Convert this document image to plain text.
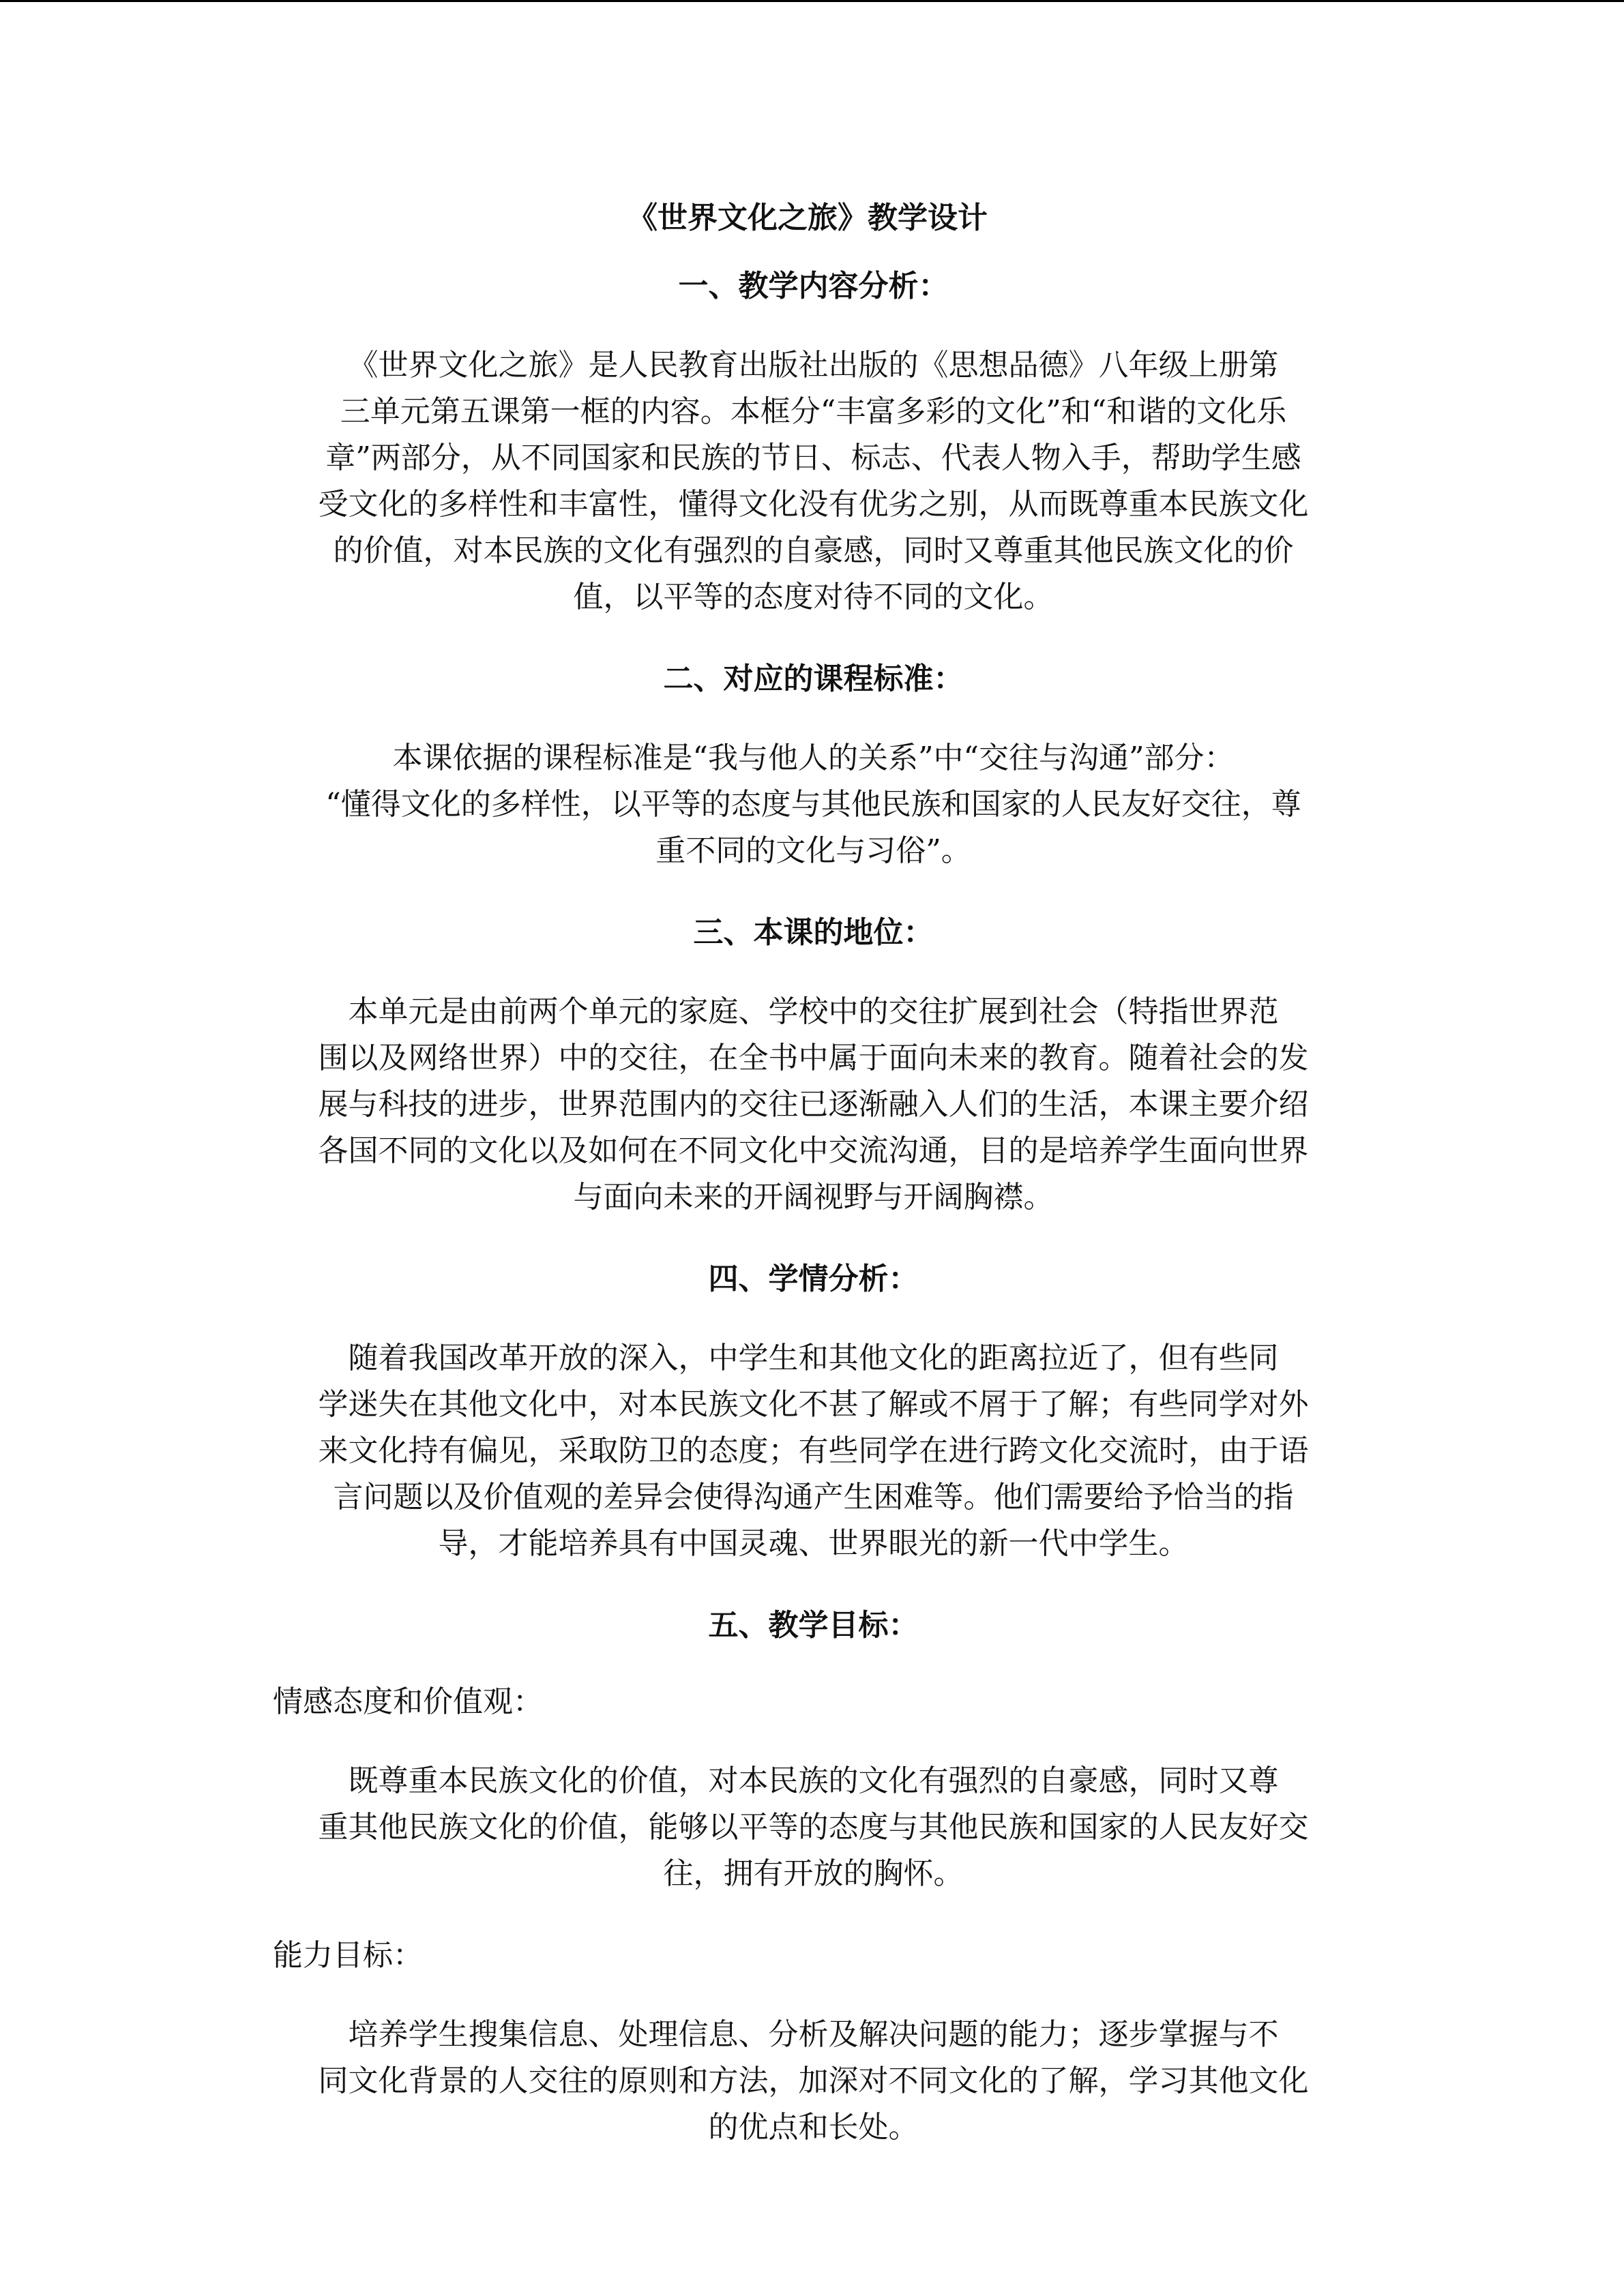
《世界文化之旅》教学设计
一、教学内容分析：

《世界文化之旅》是人民教育出版社出版的《思想品德》八年级上册第
三单元第五课第一框的内容。本框分“丰富多彩的文化”和“和谐的文化乐
章”两部分，从不同国家和民族的节日、标志、代表人物入手，帮助学生感
受文化的多样性和丰富性，懂得文化没有优劣之别，从而既尊重本民族文化
的价值，对本民族的文化有强烈的自豪感，同时又尊重其他民族文化的价
值，以平等的态度对待不同的文化。

二、对应的课程标准：

本课依据的课程标准是“我与他人的关系”中“交往与沟通”部分：
“懂得文化的多样性，以平等的态度与其他民族和国家的人民友好交往，尊
重不同的文化与习俗”。

三、本课的地位：

本单元是由前两个单元的家庭、学校中的交往扩展到社会（特指世界范
围以及网络世界）中的交往，在全书中属于面向未来的教育。随着社会的发
展与科技的进步，世界范围内的交往已逐渐融入人们的生活，本课主要介绍
各国不同的文化以及如何在不同文化中交流沟通，目的是培养学生面向世界
与面向未来的开阔视野与开阔胸襟。

四、学情分析：

随着我国改革开放的深入，中学生和其他文化的距离拉近了，但有些同
学迷失在其他文化中，对本民族文化不甚了解或不屑于了解；有些同学对外
来文化持有偏见，采取防卫的态度；有些同学在进行跨文化交流时，由于语
言问题以及价值观的差异会使得沟通产生困难等。他们需要给予恰当的指
导，才能培养具有中国灵魂、世界眼光的新一代中学生。

五、教学目标：

情感态度和价值观：

既尊重本民族文化的价值，对本民族的文化有强烈的自豪感，同时又尊
重其他民族文化的价值，能够以平等的态度与其他民族和国家的人民友好交
往，拥有开放的胸怀。

能力目标：

培养学生搜集信息、处理信息、分析及解决问题的能力；逐步掌握与不
同文化背景的人交往的原则和方法，加深对不同文化的了解，学习其他文化
的优点和长处。
